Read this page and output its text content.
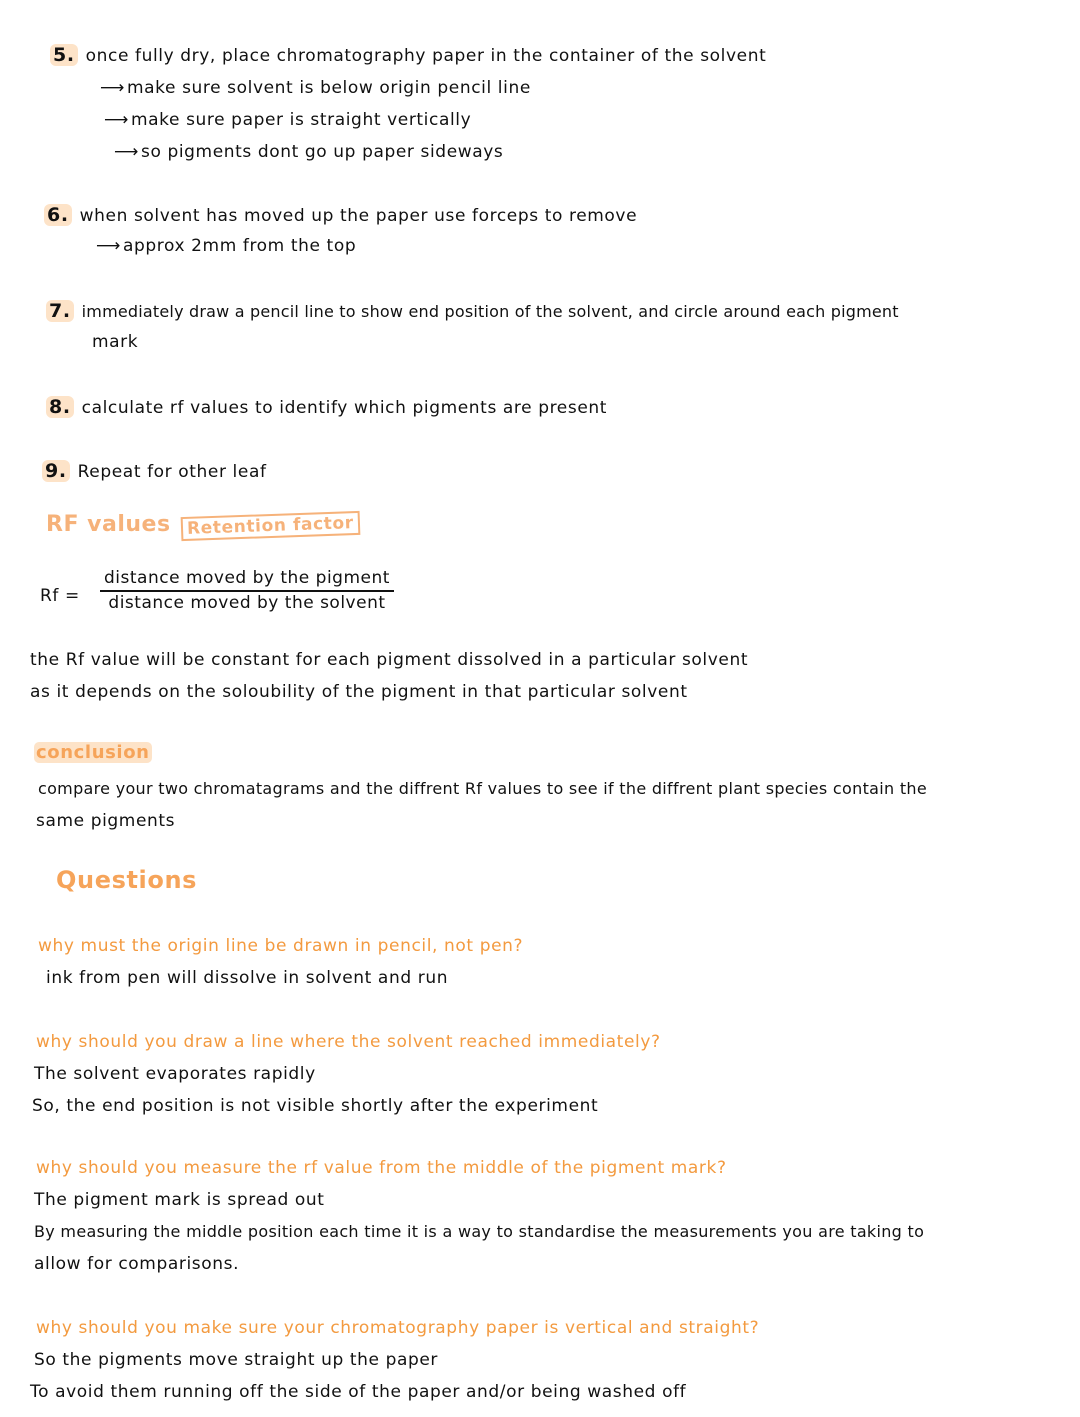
5. once fully dry, place chromatography paper in the container of the solvent
⟶ make sure solvent is below origin pencil line
⟶ make sure paper is straight vertically
⟶ so pigments dont go up paper sideways
6. when solvent has moved up the paper use forceps to remove
⟶ approx 2mm from the top
7. immediately draw a pencil line to show end position of the solvent, and circle around each pigment
mark
8. calculate rf values to identify which pigments are present
9. Repeat for other leaf
RF values Retention factor
Rf =
distance moved by the pigment
distance moved by the solvent
the Rf value will be constant for each pigment dissolved in a particular solvent
as it depends on the soloubility of the pigment in that particular solvent
conclusion
compare your two chromatagrams and the diffrent Rf values to see if the diffrent plant species contain the
same pigments
Questions
why must the origin line be drawn in pencil, not pen?
ink from pen will dissolve in solvent and run
why should you draw a line where the solvent reached immediately?
The solvent evaporates rapidly
So, the end position is not visible shortly after the experiment
why should you measure the rf value from the middle of the pigment mark?
The pigment mark is spread out
By measuring the middle position each time it is a way to standardise the measurements you are taking to
allow for comparisons.
why should you make sure your chromatography paper is vertical and straight?
So the pigments move straight up the paper
To avoid them running off the side of the paper and/or being washed off
